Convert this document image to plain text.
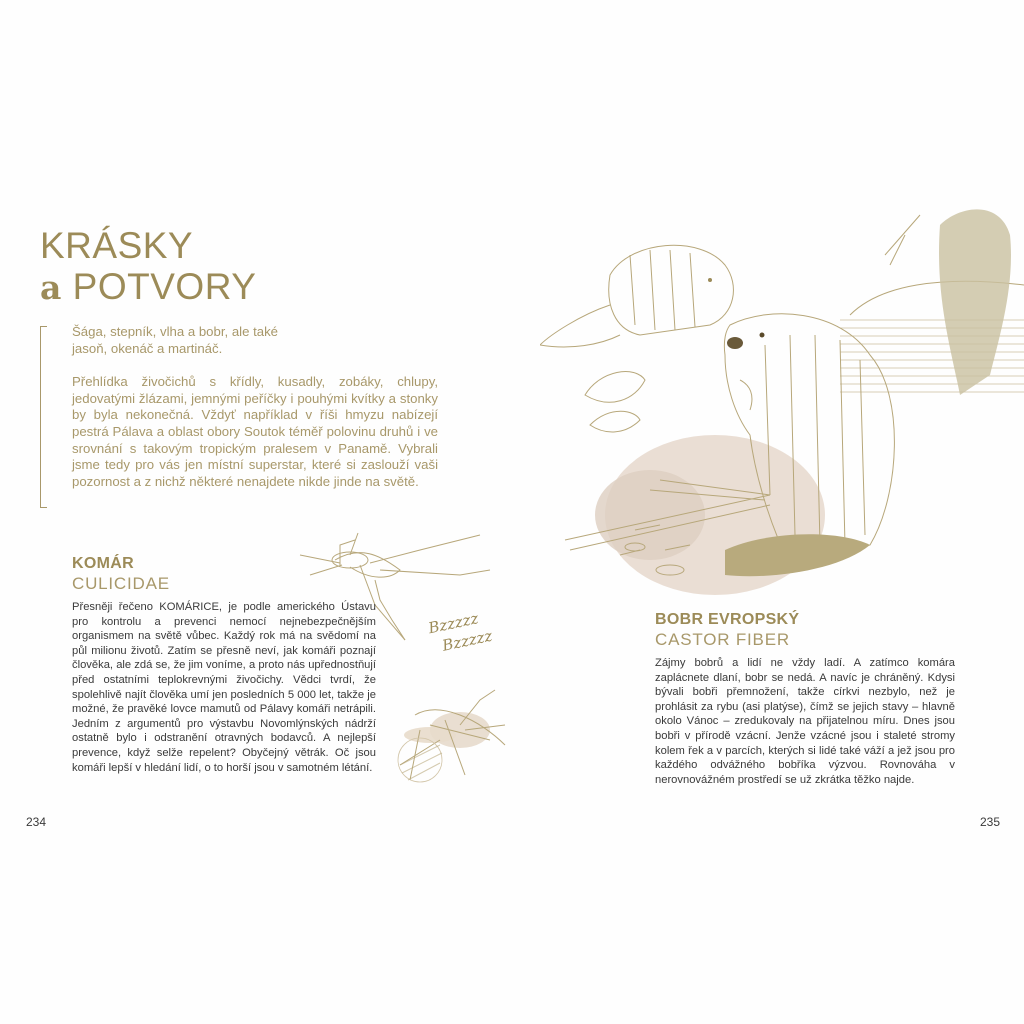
KRÁSKY
a POTVORY

Šága, stepník, vlha a bobr, ale také jasoň, okenáč a martináč.

Přehlídka živočichů s křídly, kusadly, zobáky, chlupy, jedovatými žlázami, jemnými peříčky i pouhými kvítky a stonky by byla nekonečná. Vždyť například v říši hmyzu nabízejí pestrá Pálava a oblast obory Soutok téměř polovinu druhů i ve srovnání s takovým tropickým pralesem v Panamě. Vybrali jsme tedy pro vás jen místní superstar, které si zaslouží vaši pozornost a z nichž některé nenajdete nikde jinde na světě.

Bzzzzz
Bzzzzz
KOMÁR
CULICIDAE
Přesněji řečeno KOMÁRICE, je podle amerického Ústavu pro kontrolu a prevenci nemocí nejnebezpečnějším organismem na světě vůbec. Každý rok má na svědomí na půl milionu životů. Zatím se přesně neví, jak komáři poznají člověka, ale zdá se, že jim voníme, a proto nás upřednostňují před ostatními teplokrevnými živočichy. Vědci tvrdí, že spolehlivě najít člověka umí jen posledních 5 000 let, takže je možné, že pravěké lovce mamutů od Pálavy komáři netrápili. Jedním z argumentů pro výstavbu Novomlýnských nádrží ostatně bylo i odstranění otravných bodavců. A nejlepší prevence, když selže repelent? Obyčejný větrák. Oč jsou komáři lepší v hledání lidí, o to horší jsou v samotném létání.
BOBR EVROPSKÝ
CASTOR FIBER
Zájmy bobrů a lidí ne vždy ladí. A zatímco komára zaplácnete dlaní, bobr se nedá. A navíc je chráněný. Kdysi bývali bobři přemnožení, takže církvi nezbylo, než je prohlásit za rybu (asi platýse), čímž se jejich stavy – hlavně okolo Vánoc – zredukovaly na přijatelnou míru. Dnes jsou bobři v přírodě vzácní. Jenže vzácné jsou i staleté stromy kolem řek a v parcích, kterých si lidé také váží a jež jsou pro každého odvážného bobříka výzvou. Rovnováha v nerovnovážném prostředí se už zkrátka těžko najde.
234	235
